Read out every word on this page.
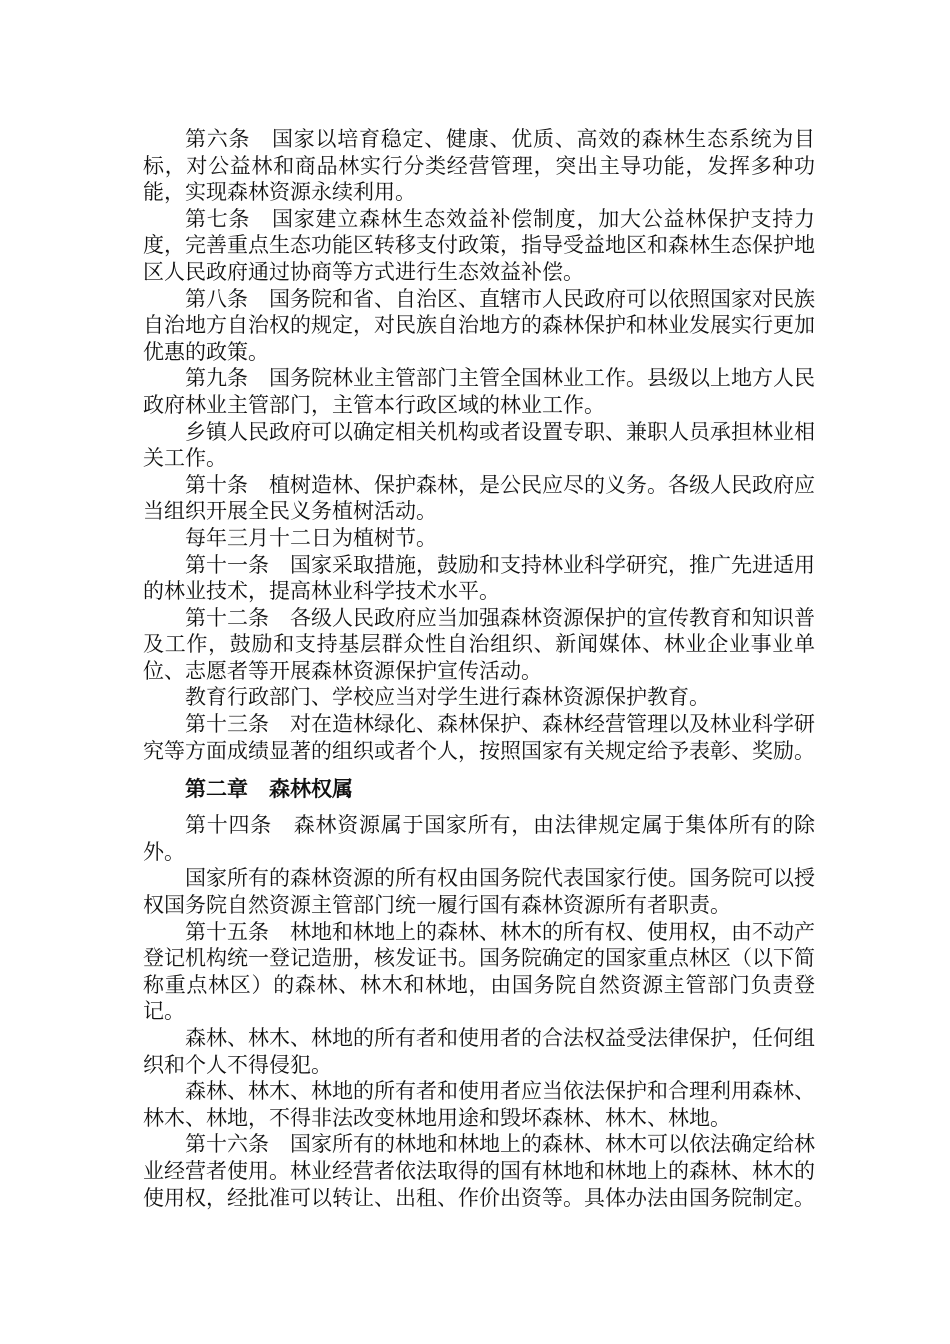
第六条　国家以培育稳定、健康、优质、高效的森林生态系统为目标，对公益林和商品林实行分类经营管理，突出主导功能，发挥多种功能，实现森林资源永续利用。

第七条　国家建立森林生态效益补偿制度，加大公益林保护支持力度，完善重点生态功能区转移支付政策，指导受益地区和森林生态保护地区人民政府通过协商等方式进行生态效益补偿。

第八条　国务院和省、自治区、直辖市人民政府可以依照国家对民族自治地方自治权的规定，对民族自治地方的森林保护和林业发展实行更加优惠的政策。

第九条　国务院林业主管部门主管全国林业工作。县级以上地方人民政府林业主管部门，主管本行政区域的林业工作。

乡镇人民政府可以确定相关机构或者设置专职、兼职人员承担林业相关工作。

第十条　植树造林、保护森林，是公民应尽的义务。各级人民政府应当组织开展全民义务植树活动。

每年三月十二日为植树节。

第十一条　国家采取措施，鼓励和支持林业科学研究，推广先进适用的林业技术，提高林业科学技术水平。

第十二条　各级人民政府应当加强森林资源保护的宣传教育和知识普及工作，鼓励和支持基层群众性自治组织、新闻媒体、林业企业事业单位、志愿者等开展森林资源保护宣传活动。

教育行政部门、学校应当对学生进行森林资源保护教育。

第十三条　对在造林绿化、森林保护、森林经营管理以及林业科学研究等方面成绩显著的组织或者个人，按照国家有关规定给予表彰、奖励。

第二章　森林权属

第十四条　森林资源属于国家所有，由法律规定属于集体所有的除外。

国家所有的森林资源的所有权由国务院代表国家行使。国务院可以授权国务院自然资源主管部门统一履行国有森林资源所有者职责。

第十五条　林地和林地上的森林、林木的所有权、使用权，由不动产登记机构统一登记造册，核发证书。国务院确定的国家重点林区（以下简称重点林区）的森林、林木和林地，由国务院自然资源主管部门负责登记。

森林、林木、林地的所有者和使用者的合法权益受法律保护，任何组织和个人不得侵犯。

森林、林木、林地的所有者和使用者应当依法保护和合理利用森林、林木、林地，不得非法改变林地用途和毁坏森林、林木、林地。

第十六条　国家所有的林地和林地上的森林、林木可以依法确定给林业经营者使用。林业经营者依法取得的国有林地和林地上的森林、林木的使用权，经批准可以转让、出租、作价出资等。具体办法由国务院制定。
